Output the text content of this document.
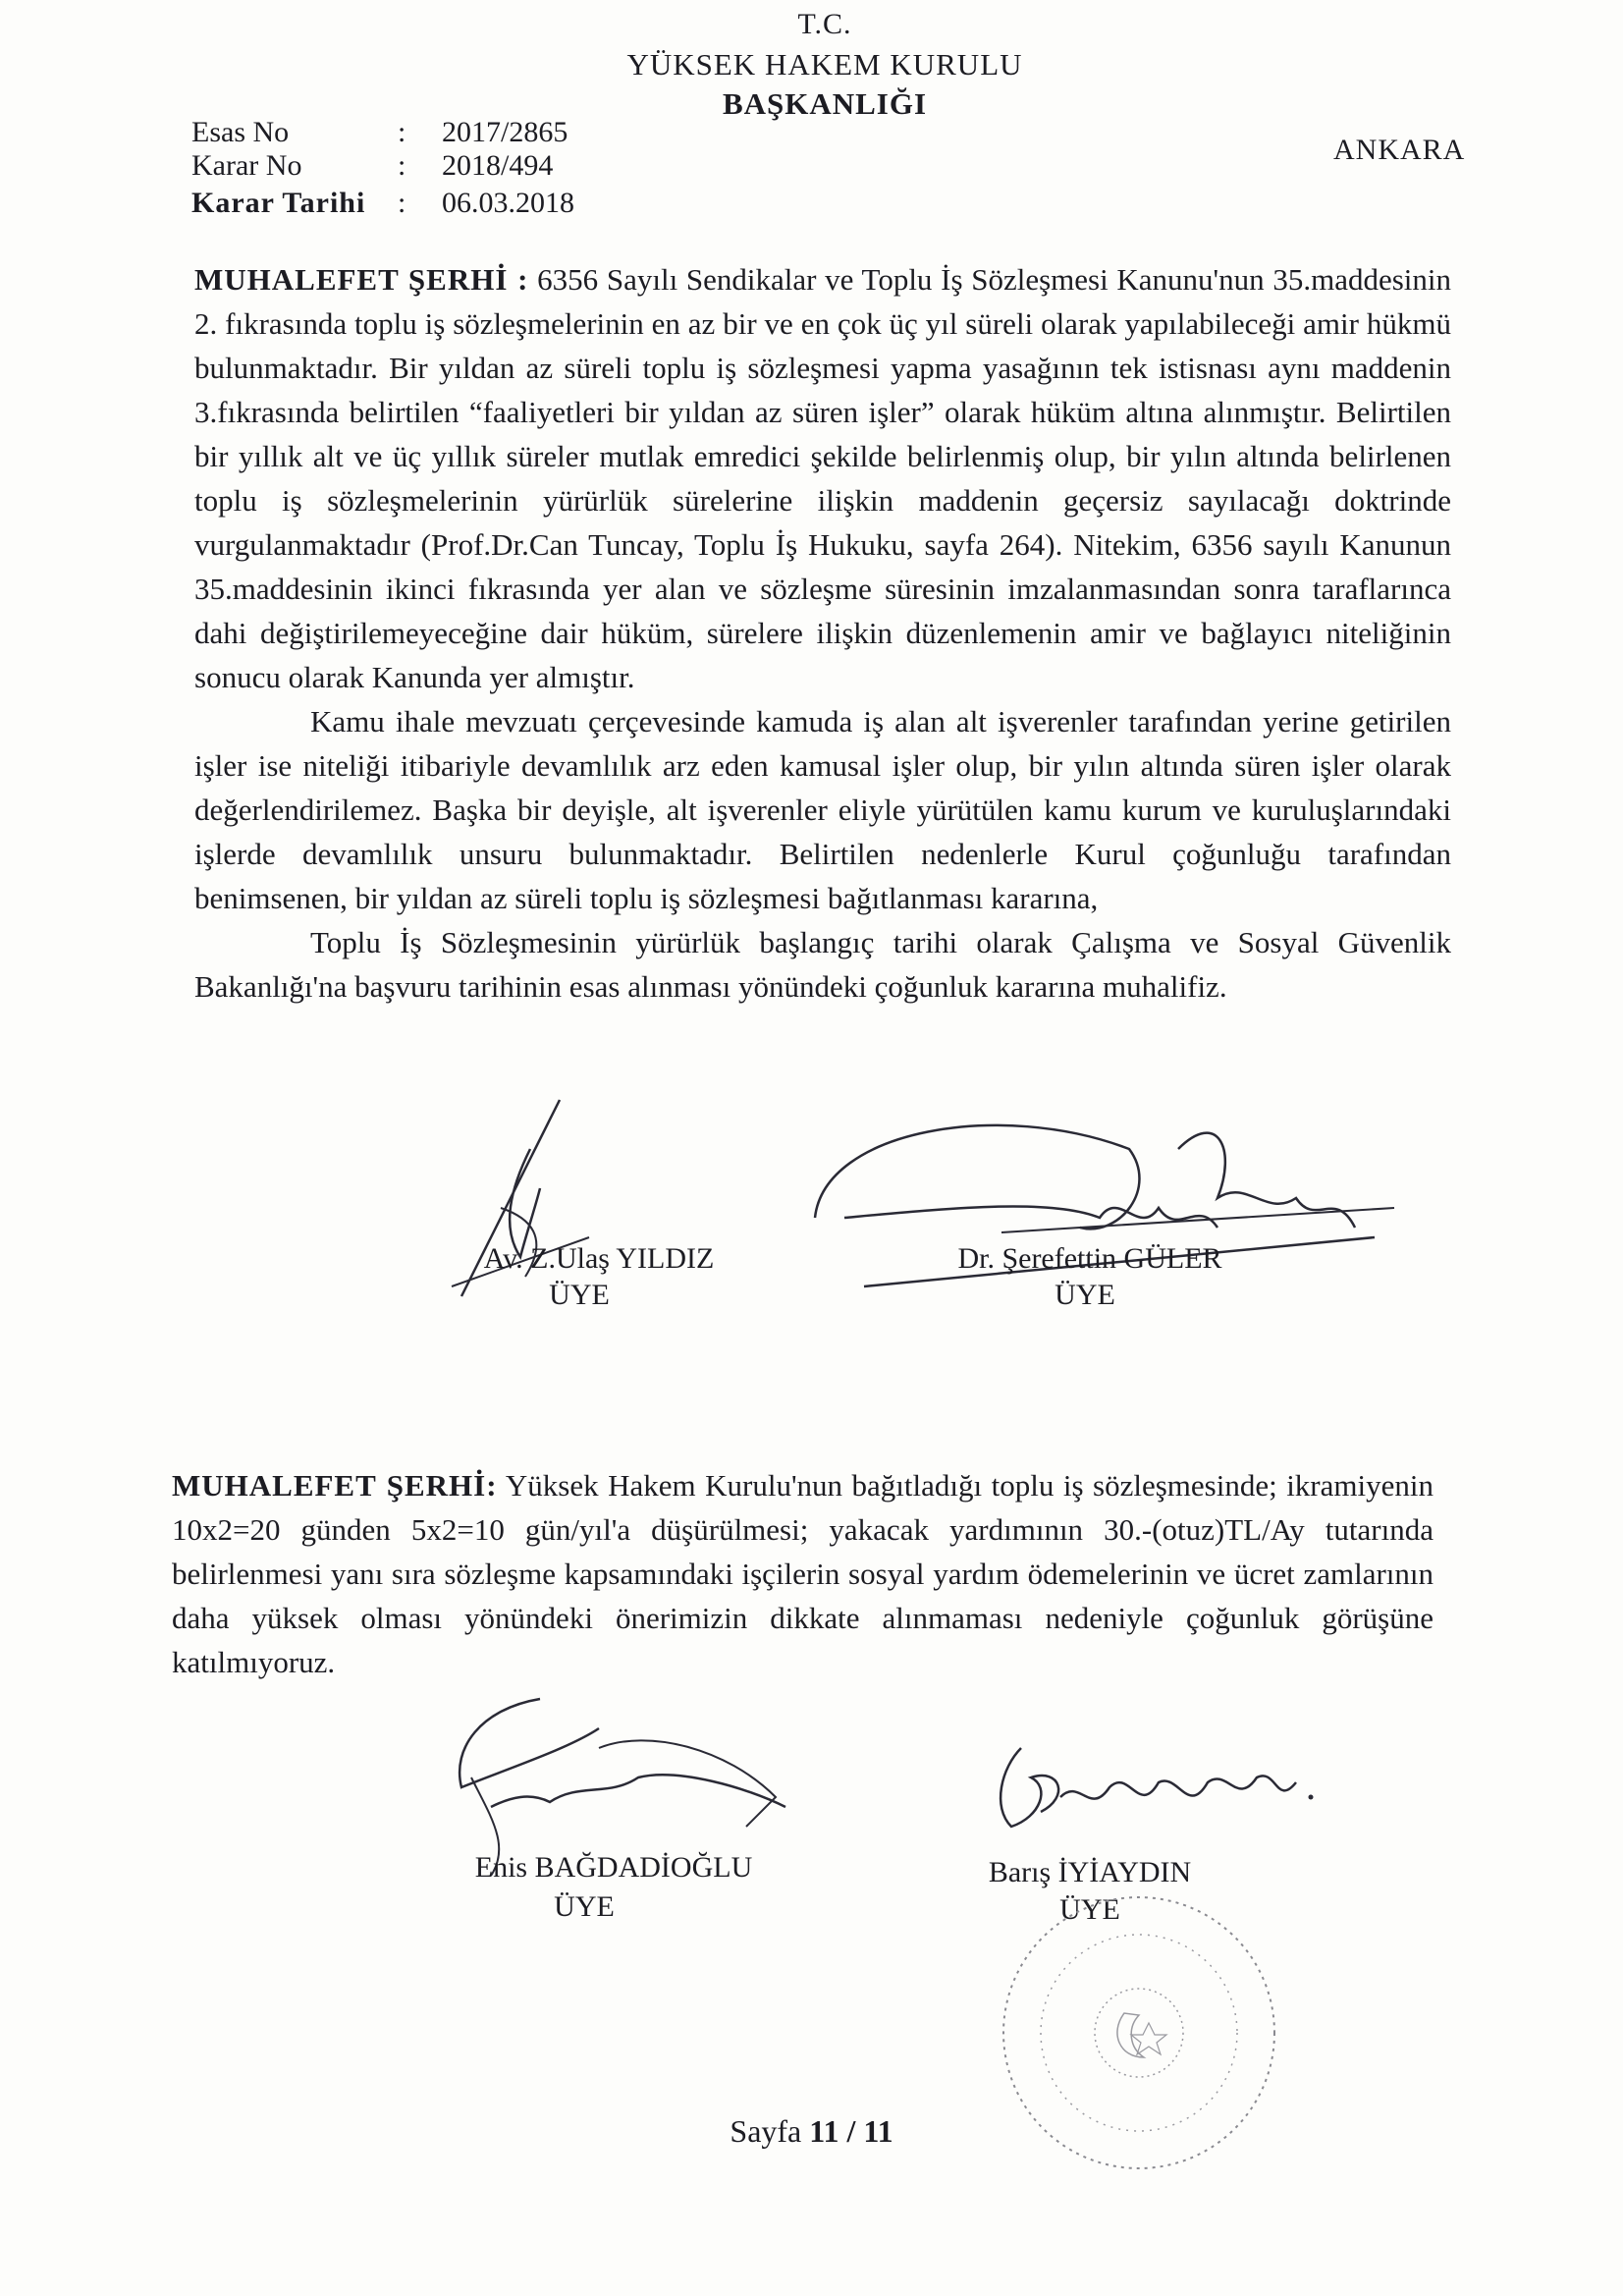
T.C.
YÜKSEK HAKEM KURULU
BAŞKANLIĞI
ANKARA
Esas No	: 2017/2865
Karar No	: 2018/494
Karar Tarihi : 06.03.2018

MUHALEFET ŞERHİ : 6356 Sayılı Sendikalar ve Toplu İş Sözleşmesi Kanunu'nun 35.maddesinin 2. fıkrasında toplu iş sözleşmelerinin en az bir ve en çok üç yıl süreli olarak yapılabileceği amir hükmü bulunmaktadır. Bir yıldan az süreli toplu iş sözleşmesi yapma yasağının tek istisnası aynı maddenin 3.fıkrasında belirtilen “faaliyetleri bir yıldan az süren işler” olarak hüküm altına alınmıştır. Belirtilen bir yıllık alt ve üç yıllık süreler mutlak emredici şekilde belirlenmiş olup, bir yılın altında belirlenen toplu iş sözleşmelerinin yürürlük sürelerine ilişkin maddenin geçersiz sayılacağı doktrinde vurgulanmaktadır (Prof.Dr.Can Tuncay, Toplu İş Hukuku, sayfa 264). Nitekim, 6356 sayılı Kanunun 35.maddesinin ikinci fıkrasında yer alan ve sözleşme süresinin imzalanmasından sonra taraflarınca dahi değiştirilemeyeceğine dair hüküm, sürelere ilişkin düzenlemenin amir ve bağlayıcı niteliğinin sonucu olarak Kanunda yer almıştır.

Kamu ihale mevzuatı çerçevesinde kamuda iş alan alt işverenler tarafından yerine getirilen işler ise niteliği itibariyle devamlılık arz eden kamusal işler olup, bir yılın altında süren işler olarak değerlendirilemez. Başka bir deyişle, alt işverenler eliyle yürütülen kamu kurum ve kuruluşlarındaki işlerde devamlılık unsuru bulunmaktadır. Belirtilen nedenlerle Kurul çoğunluğu tarafından benimsenen, bir yıldan az süreli toplu iş sözleşmesi bağıtlanması kararına,

Toplu İş Sözleşmesinin yürürlük başlangıç tarihi olarak Çalışma ve Sosyal Güvenlik Bakanlığı'na başvuru tarihinin esas alınması yönündeki çoğunluk kararına muhalifiz.

Av. Z.Ulaş YILDIZ
ÜYE
Dr. Şerefettin GÜLER
ÜYE

MUHALEFET ŞERHİ: Yüksek Hakem Kurulu'nun bağıtladığı toplu iş sözleşmesinde; ikramiyenin 10x2=20 günden 5x2=10 gün/yıl'a düşürülmesi; yakacak yardımının 30.-(otuz)TL/Ay tutarında belirlenmesi yanı sıra sözleşme kapsamındaki işçilerin sosyal yardım ödemelerinin ve ücret zamlarının daha yüksek olması yönündeki önerimizin dikkate alınmaması nedeniyle çoğunluk görüşüne katılmıyoruz.

Enis BAĞDADİOĞLU
ÜYE
Barış İYİAYDIN
ÜYE
Sayfa 11 / 11
